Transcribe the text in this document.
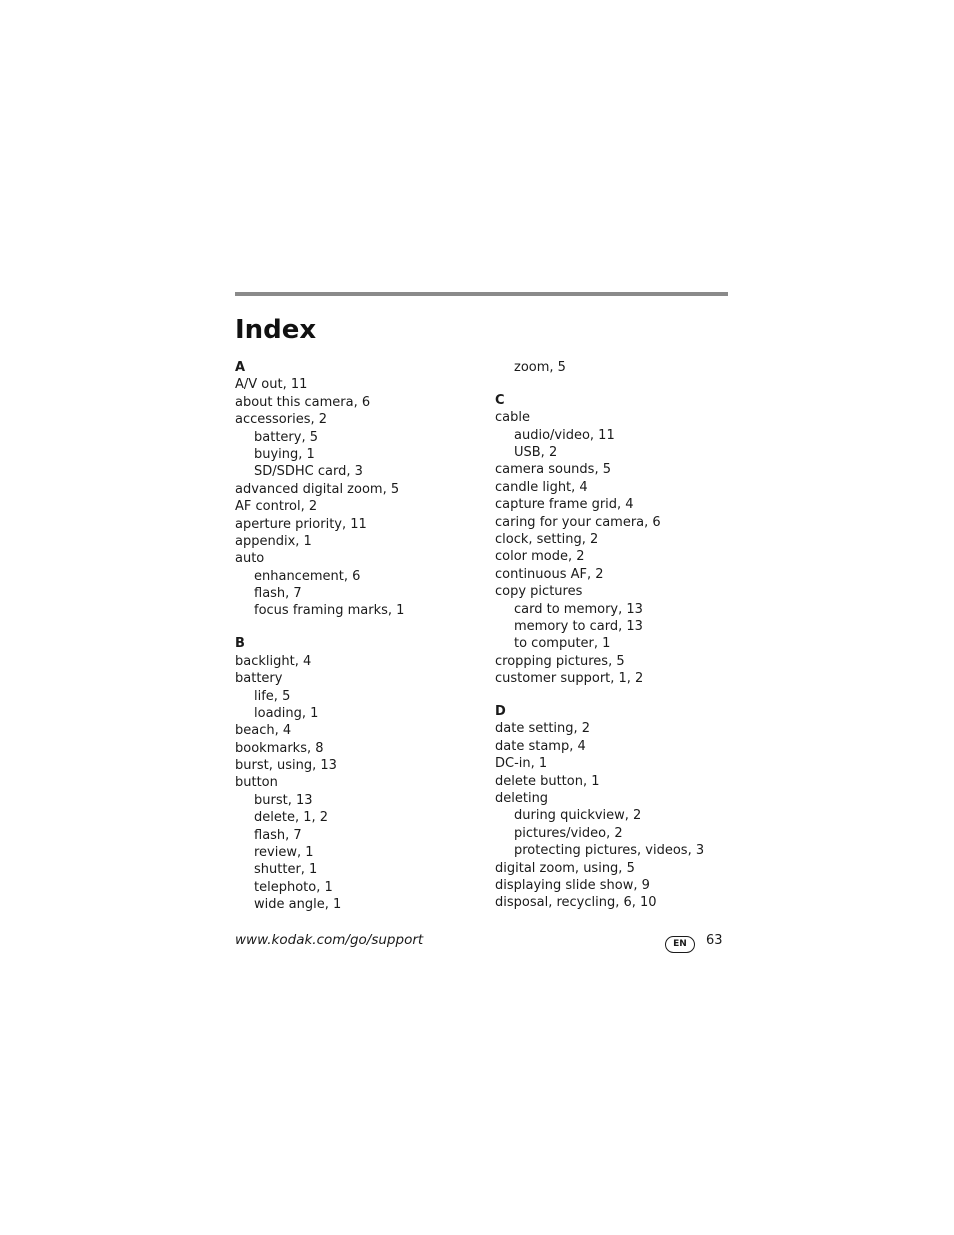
Index
A
A/V out, 11
about this camera, 6
accessories, 2
battery, 5
buying, 1
SD/SDHC card, 3
advanced digital zoom, 5
AF control, 2
aperture priority, 11
appendix, 1
auto
enhancement, 6
flash, 7
focus framing marks, 1
B
backlight, 4
battery
life, 5
loading, 1
beach, 4
bookmarks, 8
burst, using, 13
button
burst, 13
delete, 1, 2
flash, 7
review, 1
shutter, 1
telephoto, 1
wide angle, 1
zoom, 5
C
cable
audio/video, 11
USB, 2
camera sounds, 5
candle light, 4
capture frame grid, 4
caring for your camera, 6
clock, setting, 2
color mode, 2
continuous AF, 2
copy pictures
card to memory, 13
memory to card, 13
to computer, 1
cropping pictures, 5
customer support, 1, 2
D
date setting, 2
date stamp, 4
DC-in, 1
delete button, 1
deleting
during quickview, 2
pictures/video, 2
protecting pictures, videos, 3
digital zoom, using, 5
displaying slide show, 9
disposal, recycling, 6, 10
www.kodak.com/go/support	EN	63
